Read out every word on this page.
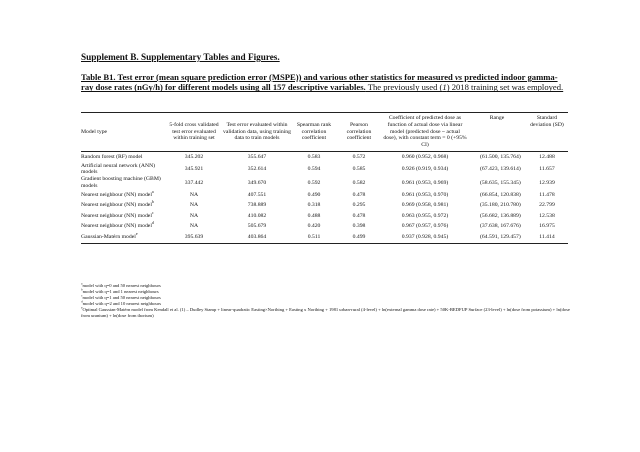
Supplement B. Supplementary Tables and Figures.
Table B1. Test error (mean square prediction error (MSPE)) and various other statistics for measured vs predicted indoor gamma-ray dose rates (nGy/h) for different models using all 157 descriptive variables. The previously used (1) 2018 training set was employed.
Model type	5-fold cross validated test error evaluated within training set	Test error evaluated within validation data, using training data to train models	Spearman rank correlation coefficient	Pearson correlation coefficient	Coefficient of predicted dose as function of actual dose via linear model (predicted dose ~ actual dose), with constant term = 0 (+95% CI)	Range	Standard deviation (SD)
Random forest (RF) model	345.202	355.647	0.583	0.572	0.960 (0.952, 0.968)	(61.500, 135.764)	12.488
Artificial neural network (ANN) models	345.921	352.614	0.594	0.585	0.926 (0.919, 0.934)	(67.423, 139.614)	11.657
Gradient boosting machine (GBM) models	337.442	349.670	0.592	0.582	0.961 (0.953, 0.969)	(58.635, 155.345)	12.939
Nearest neighbour (NN) model$^a$	NA	407.551	0.490	0.478	0.961 (0.953, 0.970)	(66.854, 120.838)	11.478
Nearest neighbour (NN) model$^b$	NA	738.889	0.318	0.295	0.969 (0.958, 0.981)	(35.180, 210.780)	22.799
Nearest neighbour (NN) model$^c$	NA	410.082	0.488	0.478	0.963 (0.955, 0.972)	(56.682, 136.889)	12.538
Nearest neighbour (NN) model$^d$	NA	505.679	0.420	0.398	0.967 (0.957, 0.976)	(37.638, 167.676)	16.975
Gaussian-Matérn model$^e$	395.639	403.864	0.511	0.499	0.937 (0.928, 0.945)	(64.591, 129.457)	11.414
$^a$model with q=0 and 50 nearest neighbours
$^b$model with q=1 and 1 nearest neighbours
$^c$model with q=1 and 50 nearest neighbours
$^d$model with q=2 and 10 nearest neighbours
$^e$Optimal Gaussian-Matérn model from Kendall et al. (1) – Dudley Stamp + linear-quadratic Easting×Northing + Easting x Northing + 1981 urban-rural (4-level) + ln(external gamma dose rate) + 50K-BEDFUP Surface (23-level) + ln(dose from potassium) + ln(dose from uranium) + ln(dose from thorium)
